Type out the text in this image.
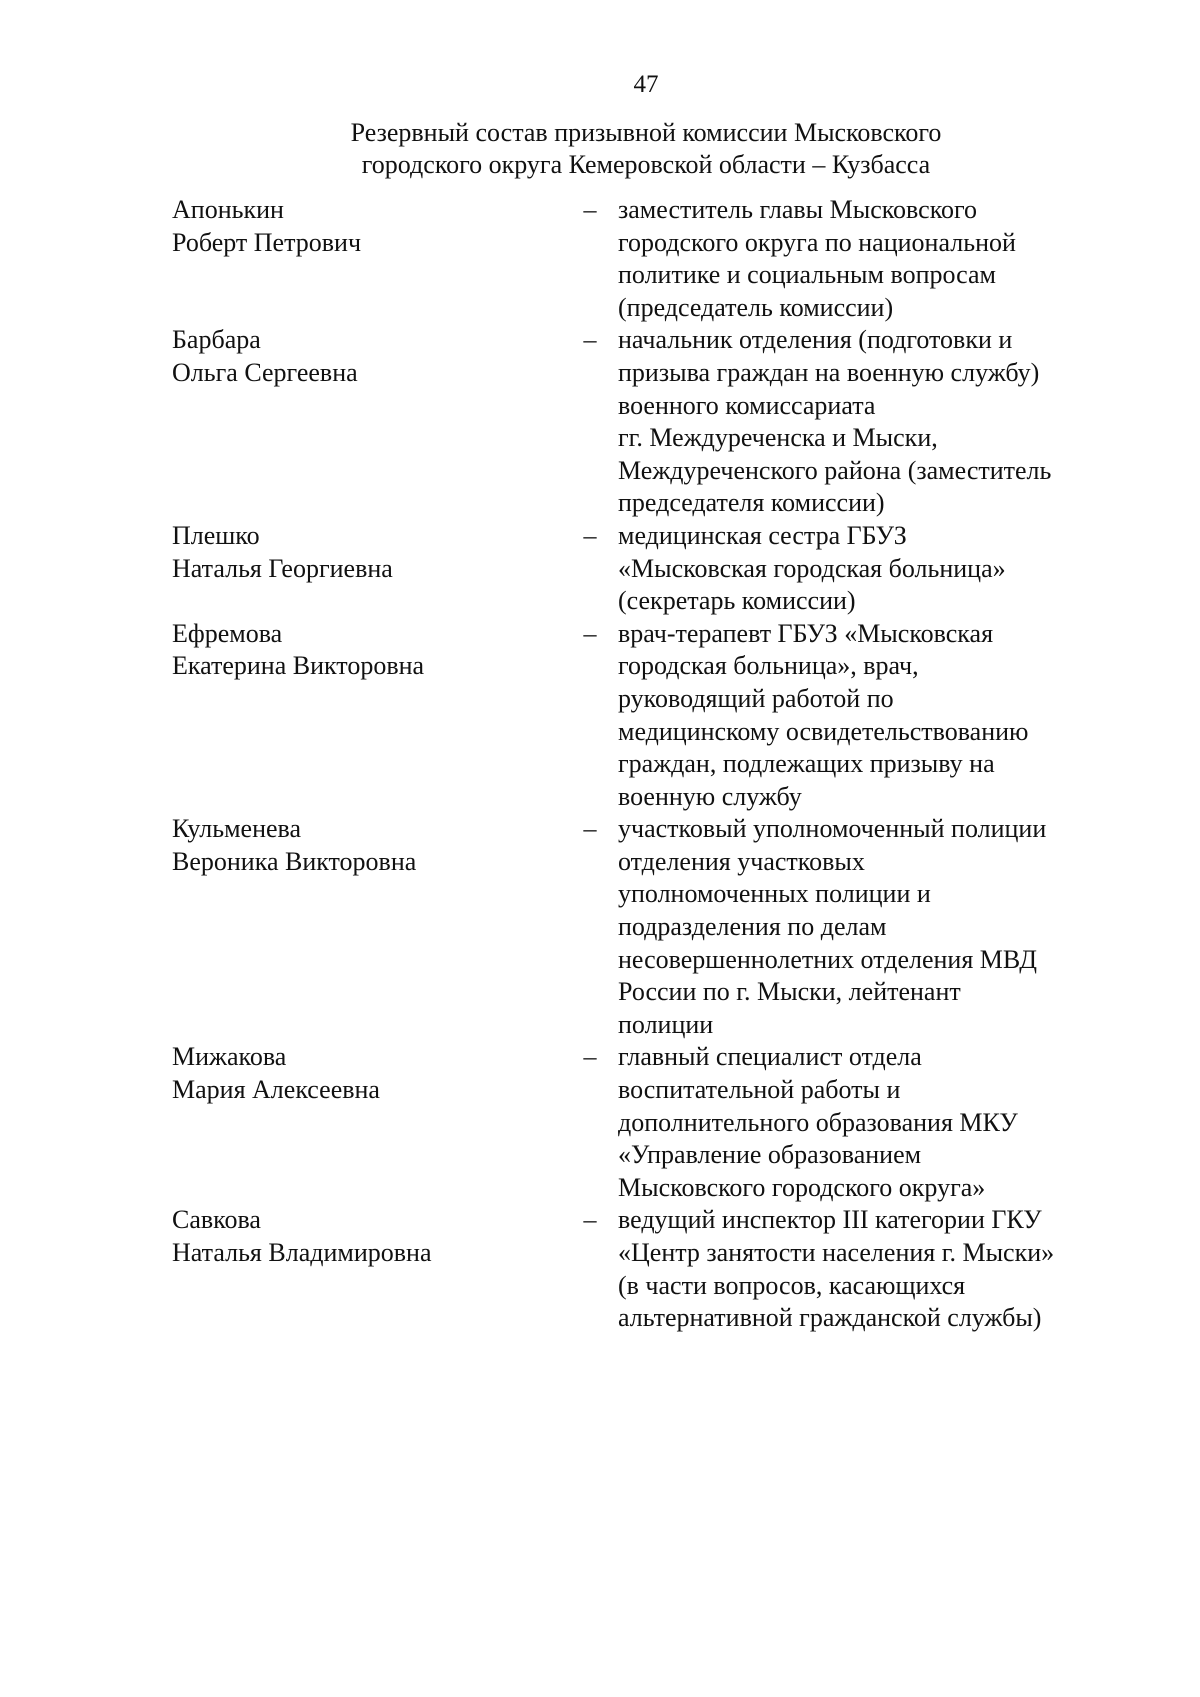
47
Резервный состав призывной комиссии Мысковского
городского округа Кемеровской области – Кузбасса
Апонькин
Роберт Петрович
– заместитель главы Мысковского
городского округа по национальной
политике и социальным вопросам
(председатель комиссии)
Барбара
Ольга Сергеевна
– начальник отделения (подготовки и
призыва граждан на военную службу)
военного комиссариата
гг. Междуреченска и Мыски,
Междуреченского района (заместитель
председателя комиссии)
Плешко
Наталья Георгиевна
– медицинская сестра ГБУЗ
«Мысковская городская больница»
(секретарь комиссии)
Ефремова
Екатерина Викторовна
– врач-терапевт ГБУЗ «Мысковская
городская больница», врач,
руководящий работой по
медицинскому освидетельствованию
граждан, подлежащих призыву на
военную службу
Кульменева
Вероника Викторовна
– участковый уполномоченный полиции
отделения участковых
уполномоченных полиции и
подразделения по делам
несовершеннолетних отделения МВД
России по г. Мыски, лейтенант
полиции
Мижакова
Мария Алексеевна
– главный специалист отдела
воспитательной работы и
дополнительного образования МКУ
«Управление образованием
Мысковского городского округа»
Савкова
Наталья Владимировна
– ведущий инспектор III категории ГКУ
«Центр занятости населения г. Мыски»
(в части вопросов, касающихся
альтернативной гражданской службы)
